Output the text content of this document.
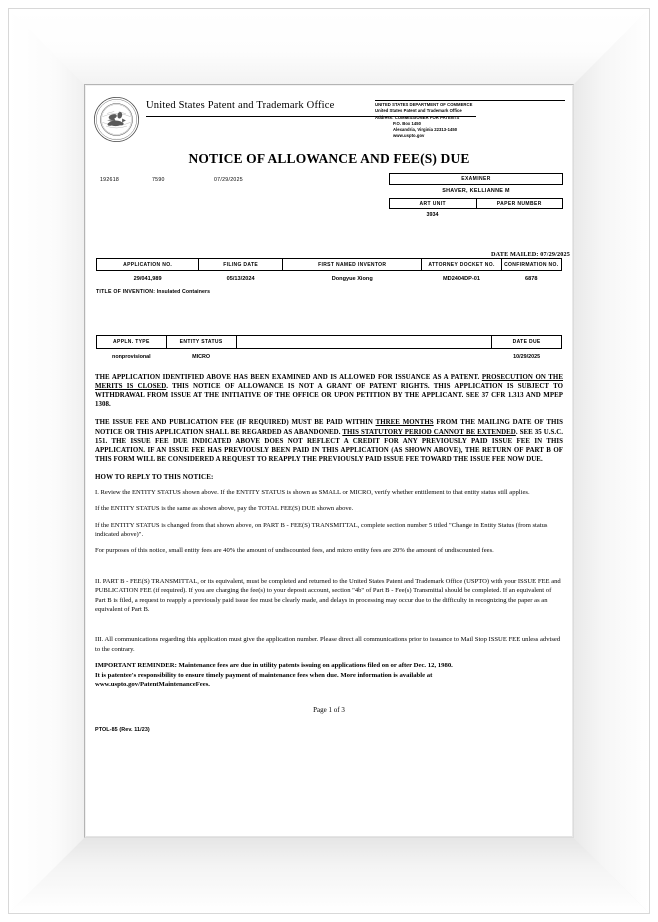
· · · · · · · ·
· · · · · · · ·
United States Patent and Trademark Office	UNITED STATES DEPARTMENT OF COMMERCE
United States Patent and Trademark Office
Address: COMMISSIONER FOR PATENTS
P.O. Box 1450
Alexandria, Virginia 22313-1450
www.uspto.gov
NOTICE OF ALLOWANCE AND FEE(S) DUE
192618	7590	07/29/2025	EXAMINER
SHAVER, KELLIANNE M
ART UNIT	PAPER NUMBER
3934
DATE MAILED: 07/29/2025
APPLICATION NO.	FILING DATE	FIRST NAMED INVENTOR	ATTORNEY DOCKET NO.	CONFIRMATION NO.
29/041,989	05/13/2024	Dongyue Xiong	MD2404DP-01	6878
TITLE OF INVENTION: Insulated Containers
APPLN. TYPE	ENTITY STATUS				DATE DUE
nonprovisional	MICRO				10/29/2025

THE APPLICATION IDENTIFIED ABOVE HAS BEEN EXAMINED AND IS ALLOWED FOR ISSUANCE AS A PATENT. PROSECUTION ON THE MERITS IS CLOSED. THIS NOTICE OF ALLOWANCE IS NOT A GRANT OF PATENT RIGHTS. THIS APPLICATION IS SUBJECT TO WITHDRAWAL FROM ISSUE AT THE INITIATIVE OF THE OFFICE OR UPON PETITION BY THE APPLICANT. SEE 37 CFR 1.313 AND MPEP 1308.

THE ISSUE FEE AND PUBLICATION FEE (IF REQUIRED) MUST BE PAID WITHIN THREE MONTHS FROM THE MAILING DATE OF THIS NOTICE OR THIS APPLICATION SHALL BE REGARDED AS ABANDONED. THIS STATUTORY PERIOD CANNOT BE EXTENDED. SEE 35 U.S.C. 151. THE ISSUE FEE DUE INDICATED ABOVE DOES NOT REFLECT A CREDIT FOR ANY PREVIOUSLY PAID ISSUE FEE IN THIS APPLICATION. IF AN ISSUE FEE HAS PREVIOUSLY BEEN PAID IN THIS APPLICATION (AS SHOWN ABOVE), THE RETURN OF PART B OF THIS FORM WILL BE CONSIDERED A REQUEST TO REAPPLY THE PREVIOUSLY PAID ISSUE FEE TOWARD THE ISSUE FEE NOW DUE.

HOW TO REPLY TO THIS NOTICE:

I. Review the ENTITY STATUS shown above. If the ENTITY STATUS is shown as SMALL or MICRO, verify whether entitlement to that entity status still applies.

If the ENTITY STATUS is the same as shown above, pay the TOTAL FEE(S) DUE shown above.

If the ENTITY STATUS is changed from that shown above, on PART B - FEE(S) TRANSMITTAL, complete section number 5 titled "Change in Entity Status (from status indicated above)".

For purposes of this notice, small entity fees are 40% the amount of undiscounted fees, and micro entity fees are 20% the amount of undiscounted fees.

II. PART B - FEE(S) TRANSMITTAL, or its equivalent, must be completed and returned to the United States Patent and Trademark Office (USPTO) with your ISSUE FEE and PUBLICATION FEE (if required). If you are charging the fee(s) to your deposit account, section "4b" of Part B - Fee(s) Transmittal should be completed. If an equivalent of Part B is filed, a request to reapply a previously paid issue fee must be clearly made, and delays in processing may occur due to the difficulty in recognizing the paper as an equivalent of Part B.

III. All communications regarding this application must give the application number. Please direct all communications prior to issuance to Mail Stop ISSUE FEE unless advised to the contrary.

IMPORTANT REMINDER: Maintenance fees are due in utility patents issuing on applications filed on or after Dec. 12, 1980.
It is patentee's responsibility to ensure timely payment of maintenance fees when due. More information is available at
www.uspto.gov/PatentMaintenanceFees.
Page 1 of 3
PTOL-85 (Rev. 11/23)
